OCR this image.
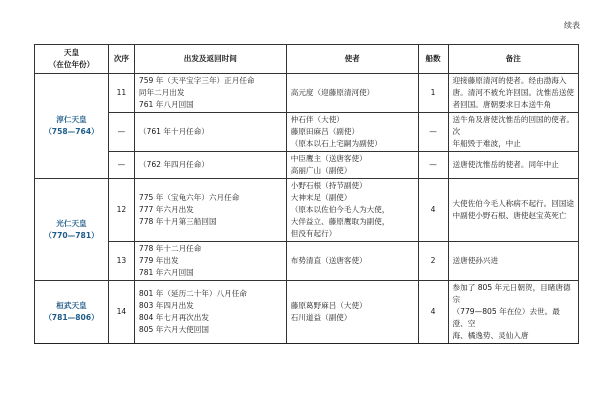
续表
天皇
（在位年份）	次序	出发及返回时间	使者	船数	备注

淳仁天皇
（758—764）	11	759 年（天平宝字三年）正月任命
同年二月出发
761 年八月回国	高元度（迎藤原清河使）	1	迎接藤原清河的使者。经由渤海入
唐。清河不被允许回国。沈惟岳送使
者回国。唐朝要求日本送牛角

	—	（761 年十月任命）	仲石伴（大使）
藤原田麻吕（副使）
（原本以石上宅嗣为副使）	—	送牛角及唐使沈惟岳的回国的使者。次
年船毁于难波，中止

	—	（762 年四月任命）	中臣鹰主（送唐客使）
高丽广山（副使）	—	送唐使沈惟岳的使者。同年中止

光仁天皇
（770—781）	12	775 年（宝龟六年）六月任命
777 年六月出发
778 年十月第三船回国	小野石根（持节副使）
大神末足（副使）
（原本以佐伯今毛人为大使，
大伴益立、藤原鹰取为副使，
但没有起行）	4	大使佐伯今毛人称病不起行。回国途
中副使小野石根、唐使赵宝英死亡

	13	778 年十二月任命
779 年出发
781 年六月回国	布势清直（送唐客使）	2	送唐使孙兴进

桓武天皇
（781—806）	14	801 年（延历二十年）八月任命
803 年四月出发
804 年七月再次出发
805 年六月大使回国	藤原葛野麻吕（大使）
石川道益（副使）	4	参加了 805 年元日朝贺，目睹唐德宗
（779—805 年在位）去世。最澄、空
海、橘逸势、灵仙入唐
